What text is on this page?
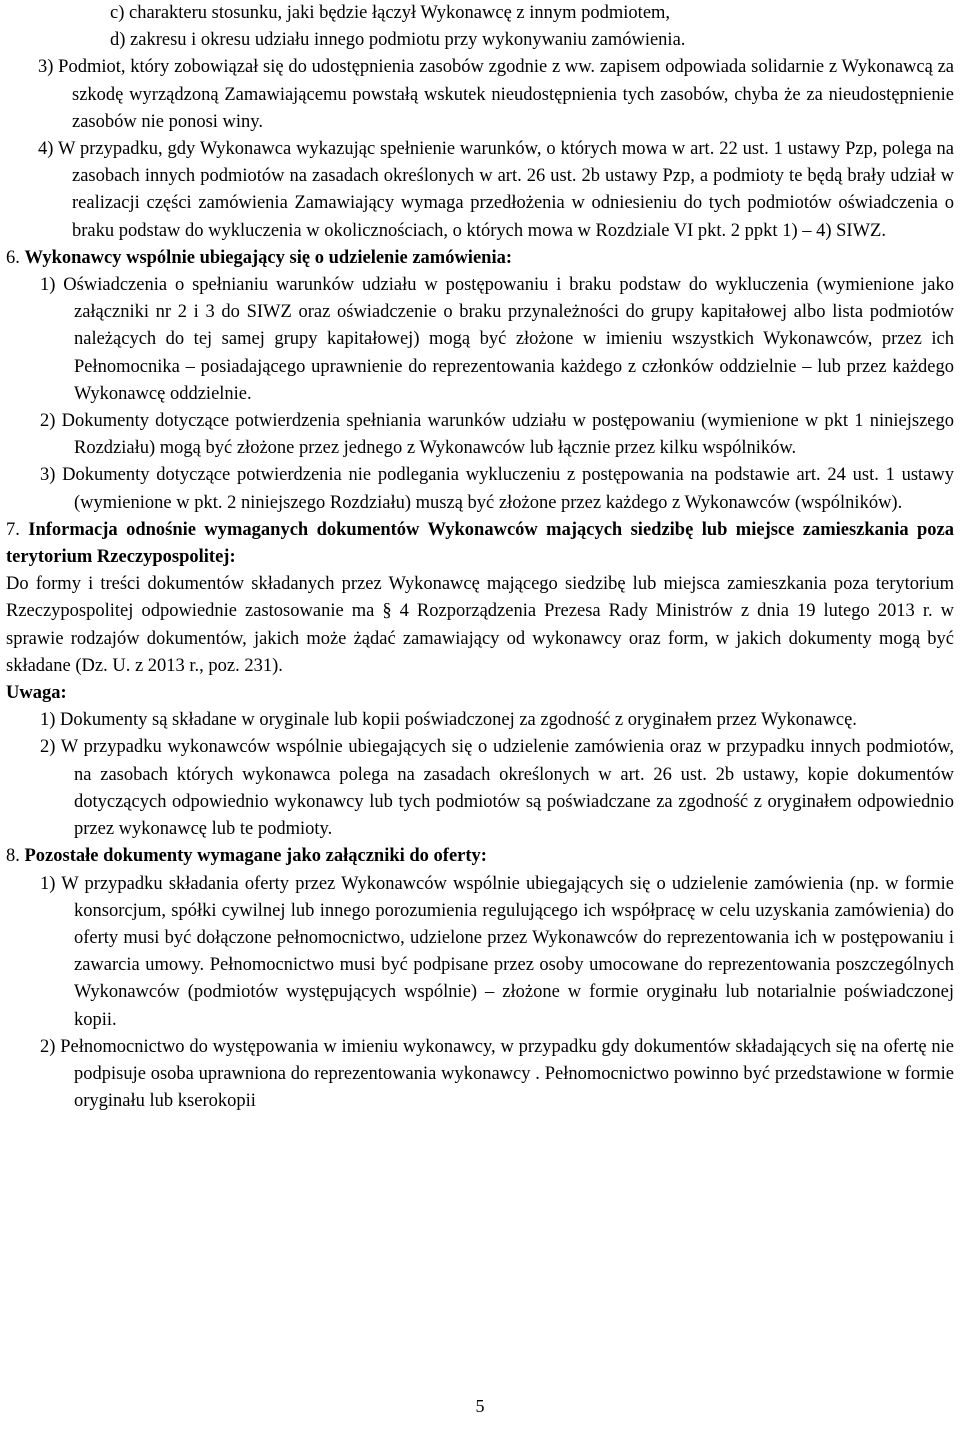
c) charakteru stosunku, jaki będzie łączył Wykonawcę z innym podmiotem,
d) zakresu i okresu udziału innego podmiotu przy wykonywaniu zamówienia.
3) Podmiot, który zobowiązał się do udostępnienia zasobów zgodnie z ww. zapisem odpowiada solidarnie z Wykonawcą za szkodę wyrządzoną Zamawiającemu powstałą wskutek nieudostępnienia tych zasobów, chyba że za nieudostępnienie zasobów nie ponosi winy.
4) W przypadku, gdy Wykonawca wykazując spełnienie warunków, o których mowa w art. 22 ust. 1 ustawy Pzp, polega na zasobach innych podmiotów na zasadach określonych w art. 26 ust. 2b ustawy Pzp, a podmioty te będą brały udział w realizacji części zamówienia Zamawiający wymaga przedłożenia w odniesieniu do tych podmiotów oświadczenia o braku podstaw do wykluczenia w okolicznościach, o których mowa w Rozdziale VI pkt. 2 ppkt 1) – 4) SIWZ.
6. Wykonawcy wspólnie ubiegający się o udzielenie zamówienia:
1) Oświadczenia o spełnianiu warunków udziału w postępowaniu i braku podstaw do wykluczenia (wymienione jako załączniki nr 2 i 3 do SIWZ oraz oświadczenie o braku przynależności do grupy kapitałowej albo lista podmiotów należących do tej samej grupy kapitałowej) mogą być złożone w imieniu wszystkich Wykonawców, przez ich Pełnomocnika – posiadającego uprawnienie do reprezentowania każdego z członków oddzielnie – lub przez każdego Wykonawcę oddzielnie.
2) Dokumenty dotyczące potwierdzenia spełniania warunków udziału w postępowaniu (wymienione w pkt 1 niniejszego Rozdziału) mogą być złożone przez jednego z Wykonawców lub łącznie przez kilku wspólników.
3) Dokumenty dotyczące potwierdzenia nie podlegania wykluczeniu z postępowania na podstawie art. 24 ust. 1 ustawy (wymienione w pkt. 2 niniejszego Rozdziału) muszą być złożone przez każdego z Wykonawców (wspólników).
7. Informacja odnośnie wymaganych dokumentów Wykonawców mających siedzibę lub miejsce zamieszkania poza terytorium Rzeczypospolitej:
Do formy i treści dokumentów składanych przez Wykonawcę mającego siedzibę lub miejsca zamieszkania poza terytorium Rzeczypospolitej odpowiednie zastosowanie ma § 4 Rozporządzenia Prezesa Rady Ministrów z dnia 19 lutego 2013 r. w sprawie rodzajów dokumentów, jakich może żądać zamawiający od wykonawcy oraz form, w jakich dokumenty mogą być składane (Dz. U. z 2013 r., poz. 231).
Uwaga:
1) Dokumenty są składane w oryginale lub kopii poświadczonej za zgodność z oryginałem przez Wykonawcę.
2) W przypadku wykonawców wspólnie ubiegających się o udzielenie zamówienia oraz w przypadku innych podmiotów, na zasobach których wykonawca polega na zasadach określonych w art. 26 ust. 2b ustawy, kopie dokumentów dotyczących odpowiednio wykonawcy lub tych podmiotów są poświadczane za zgodność z oryginałem odpowiednio przez wykonawcę lub te podmioty.
8. Pozostałe dokumenty wymagane jako załączniki do oferty:
1) W przypadku składania oferty przez Wykonawców wspólnie ubiegających się o udzielenie zamówienia (np. w formie konsorcjum, spółki cywilnej lub innego porozumienia regulującego ich współpracę w celu uzyskania zamówienia) do oferty musi być dołączone pełnomocnictwo, udzielone przez Wykonawców do reprezentowania ich w postępowaniu i zawarcia umowy. Pełnomocnictwo musi być podpisane przez osoby umocowane do reprezentowania poszczególnych Wykonawców (podmiotów występujących wspólnie) – złożone w formie oryginału lub notarialnie poświadczonej kopii.
2) Pełnomocnictwo do występowania w imieniu wykonawcy, w przypadku gdy dokumentów składających się na ofertę nie podpisuje osoba uprawniona do reprezentowania wykonawcy . Pełnomocnictwo powinno być przedstawione w formie oryginału lub kserokopii
5
